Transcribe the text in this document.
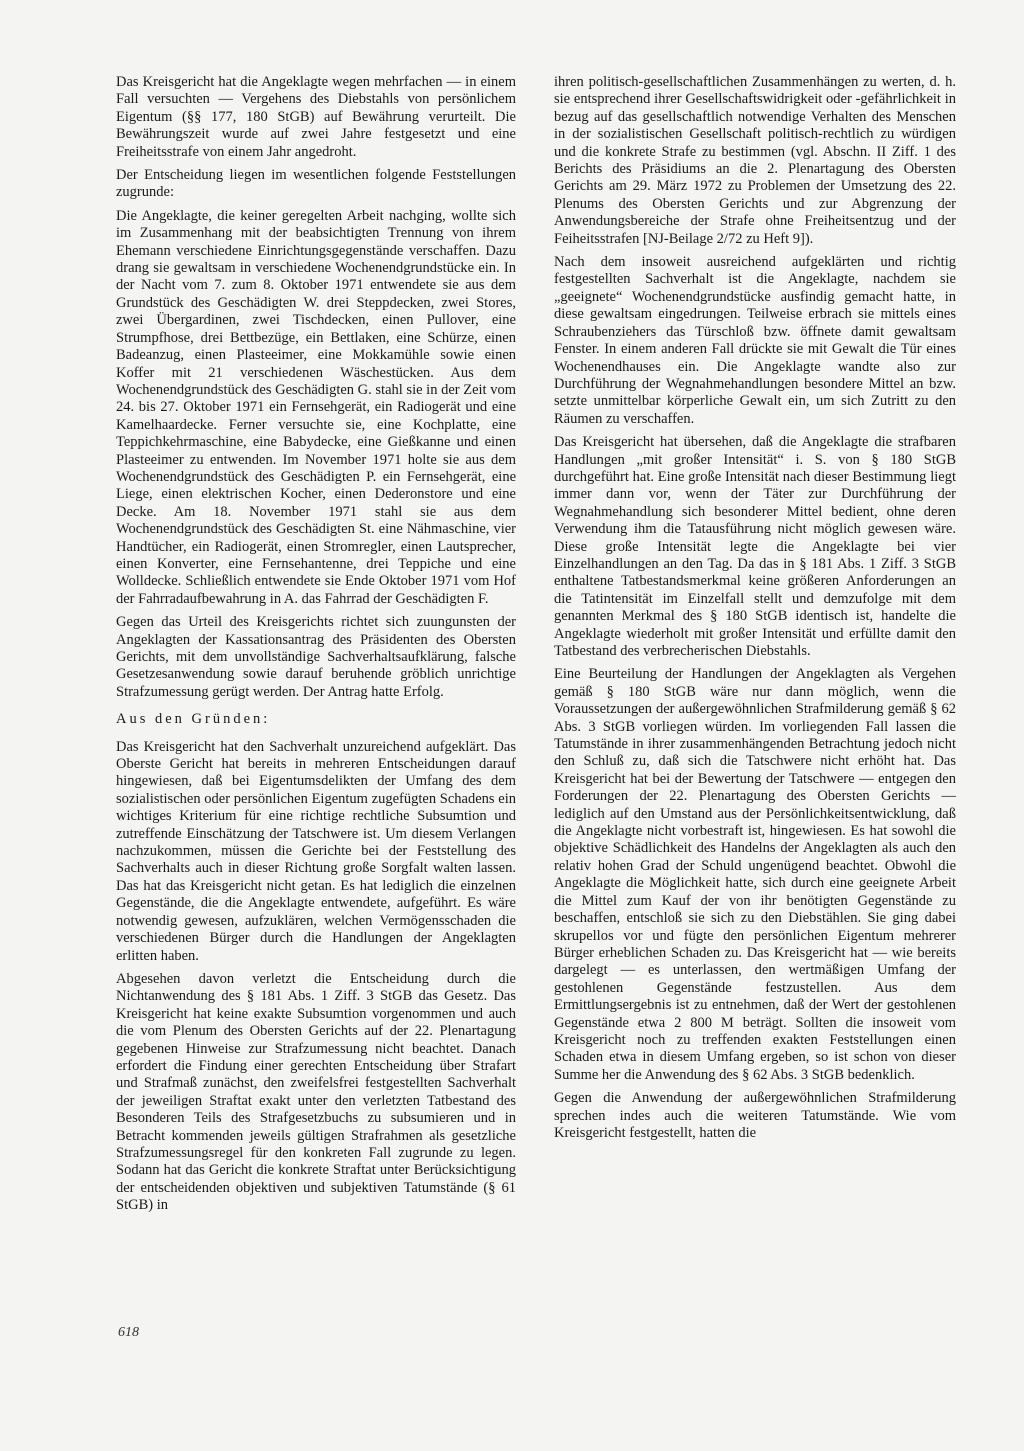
Das Kreisgericht hat die Angeklagte wegen mehrfachen — in einem Fall versuchten — Vergehens des Diebstahls von persönlichem Eigentum (§§ 177, 180 StGB) auf Bewährung verurteilt. Die Bewährungszeit wurde auf zwei Jahre festgesetzt und eine Freiheitsstrafe von einem Jahr angedroht.

Der Entscheidung liegen im wesentlichen folgende Feststellungen zugrunde:

Die Angeklagte, die keiner geregelten Arbeit nachging, wollte sich im Zusammenhang mit der beabsichtigten Trennung von ihrem Ehemann verschiedene Einrichtungsgegenstände verschaffen. Dazu drang sie gewaltsam in verschiedene Wochenendgrundstücke ein. In der Nacht vom 7. zum 8. Oktober 1971 entwendete sie aus dem Grundstück des Geschädigten W. drei Steppdecken, zwei Stores, zwei Übergardinen, zwei Tischdecken, einen Pullover, eine Strumpfhose, drei Bettbezüge, ein Bettlaken, eine Schürze, einen Badeanzug, einen Plasteeimer, eine Mokkamühle sowie einen Koffer mit 21 verschiedenen Wäschestücken. Aus dem Wochenendgrundstück des Geschädigten G. stahl sie in der Zeit vom 24. bis 27. Oktober 1971 ein Fernsehgerät, ein Radiogerät und eine Kamelhaardecke. Ferner versuchte sie, eine Kochplatte, eine Teppichkehrmaschine, eine Babydecke, eine Gießkanne und einen Plasteeimer zu entwenden. Im November 1971 holte sie aus dem Wochenendgrundstück des Geschädigten P. ein Fernsehgerät, eine Liege, einen elektrischen Kocher, einen Dederonstore und eine Decke. Am 18. November 1971 stahl sie aus dem Wochenendgrundstück des Geschädigten St. eine Nähmaschine, vier Handtücher, ein Radiogerät, einen Stromregler, einen Lautsprecher, einen Konverter, eine Fernsehantenne, drei Teppiche und eine Wolldecke. Schließlich entwendete sie Ende Oktober 1971 vom Hof der Fahrradaufbewahrung in A. das Fahrrad der Geschädigten F.

Gegen das Urteil des Kreisgerichts richtet sich zuungunsten der Angeklagten der Kassationsantrag des Präsidenten des Obersten Gerichts, mit dem unvollständige Sachverhaltsaufklärung, falsche Gesetzesanwendung sowie darauf beruhende gröblich unrichtige Strafzumessung gerügt werden. Der Antrag hatte Erfolg.

Aus den Gründen:

Das Kreisgericht hat den Sachverhalt unzureichend aufgeklärt. Das Oberste Gericht hat bereits in mehreren Entscheidungen darauf hingewiesen, daß bei Eigentumsdelikten der Umfang des dem sozialistischen oder persönlichen Eigentum zugefügten Schadens ein wichtiges Kriterium für eine richtige rechtliche Subsumtion und zutreffende Einschätzung der Tatschwere ist. Um diesem Verlangen nachzukommen, müssen die Gerichte bei der Feststellung des Sachverhalts auch in dieser Richtung große Sorgfalt walten lassen. Das hat das Kreisgericht nicht getan. Es hat lediglich die einzelnen Gegenstände, die die Angeklagte entwendete, aufgeführt. Es wäre notwendig gewesen, aufzuklären, welchen Vermögensschaden die verschiedenen Bürger durch die Handlungen der Angeklagten erlitten haben.

Abgesehen davon verletzt die Entscheidung durch die Nichtanwendung des § 181 Abs. 1 Ziff. 3 StGB das Gesetz. Das Kreisgericht hat keine exakte Subsumtion vorgenommen und auch die vom Plenum des Obersten Gerichts auf der 22. Plenartagung gegebenen Hinweise zur Strafzumessung nicht beachtet. Danach erfordert die Findung einer gerechten Entscheidung über Strafart und Strafmaß zunächst, den zweifelsfrei festgestellten Sachverhalt der jeweiligen Straftat exakt unter den verletzten Tatbestand des Besonderen Teils des Strafgesetzbuchs zu subsumieren und in Betracht kommenden jeweils gültigen Strafrahmen als gesetzliche Strafzumessungsregel für den konkreten Fall zugrunde zu legen. Sodann hat das Gericht die konkrete Straftat unter Berücksichtigung der entscheidenden objektiven und subjektiven Tatumstände (§ 61 StGB) in

ihren politisch-gesellschaftlichen Zusammenhängen zu werten, d. h. sie entsprechend ihrer Gesellschaftswidrigkeit oder -gefährlichkeit in bezug auf das gesellschaftlich notwendige Verhalten des Menschen in der sozialistischen Gesellschaft politisch-rechtlich zu würdigen und die konkrete Strafe zu bestimmen (vgl. Abschn. II Ziff. 1 des Berichts des Präsidiums an die 2. Plenartagung des Obersten Gerichts am 29. März 1972 zu Problemen der Umsetzung des 22. Plenums des Obersten Gerichts und zur Abgrenzung der Anwendungsbereiche der Strafe ohne Freiheitsentzug und der Feiheitsstrafen [NJ-Beilage 2/72 zu Heft 9]).

Nach dem insoweit ausreichend aufgeklärten und richtig festgestellten Sachverhalt ist die Angeklagte, nachdem sie „geeignete“ Wochenendgrundstücke ausfindig gemacht hatte, in diese gewaltsam eingedrungen. Teilweise erbrach sie mittels eines Schraubenziehers das Türschloß bzw. öffnete damit gewaltsam Fenster. In einem anderen Fall drückte sie mit Gewalt die Tür eines Wochenendhauses ein. Die Angeklagte wandte also zur Durchführung der Wegnahmehandlungen besondere Mittel an bzw. setzte unmittelbar körperliche Gewalt ein, um sich Zutritt zu den Räumen zu verschaffen.

Das Kreisgericht hat übersehen, daß die Angeklagte die strafbaren Handlungen „mit großer Intensität“ i. S. von § 180 StGB durchgeführt hat. Eine große Intensität nach dieser Bestimmung liegt immer dann vor, wenn der Täter zur Durchführung der Wegnahmehandlung sich besonderer Mittel bedient, ohne deren Verwendung ihm die Tatausführung nicht möglich gewesen wäre. Diese große Intensität legte die Angeklagte bei vier Einzelhandlungen an den Tag. Da das in § 181 Abs. 1 Ziff. 3 StGB enthaltene Tatbestandsmerkmal keine größeren Anforderungen an die Tatintensität im Einzelfall stellt und demzufolge mit dem genannten Merkmal des § 180 StGB identisch ist, handelte die Angeklagte wiederholt mit großer Intensität und erfüllte damit den Tatbestand des verbrecherischen Diebstahls.

Eine Beurteilung der Handlungen der Angeklagten als Vergehen gemäß § 180 StGB wäre nur dann möglich, wenn die Voraussetzungen der außergewöhnlichen Strafmilderung gemäß § 62 Abs. 3 StGB vorliegen würden. Im vorliegenden Fall lassen die Tatumstände in ihrer zusammenhängenden Betrachtung jedoch nicht den Schluß zu, daß sich die Tatschwere nicht erhöht hat. Das Kreisgericht hat bei der Bewertung der Tatschwere — entgegen den Forderungen der 22. Plenartagung des Obersten Gerichts — lediglich auf den Umstand aus der Persönlichkeitsentwicklung, daß die Angeklagte nicht vorbestraft ist, hingewiesen. Es hat sowohl die objektive Schädlichkeit des Handelns der Angeklagten als auch den relativ hohen Grad der Schuld ungenügend beachtet. Obwohl die Angeklagte die Möglichkeit hatte, sich durch eine geeignete Arbeit die Mittel zum Kauf der von ihr benötigten Gegenstände zu beschaffen, entschloß sie sich zu den Diebstählen. Sie ging dabei skrupellos vor und fügte den persönlichen Eigentum mehrerer Bürger erheblichen Schaden zu. Das Kreisgericht hat — wie bereits dargelegt — es unterlassen, den wertmäßigen Umfang der gestohlenen Gegenstände festzustellen. Aus dem Ermittlungsergebnis ist zu entnehmen, daß der Wert der gestohlenen Gegenstände etwa 2 800 M beträgt. Sollten die insoweit vom Kreisgericht noch zu treffenden exakten Feststellungen einen Schaden etwa in diesem Umfang ergeben, so ist schon von dieser Summe her die Anwendung des § 62 Abs. 3 StGB bedenklich.

Gegen die Anwendung der außergewöhnlichen Strafmilderung sprechen indes auch die weiteren Tatumstände. Wie vom Kreisgericht festgestellt, hatten die

618
